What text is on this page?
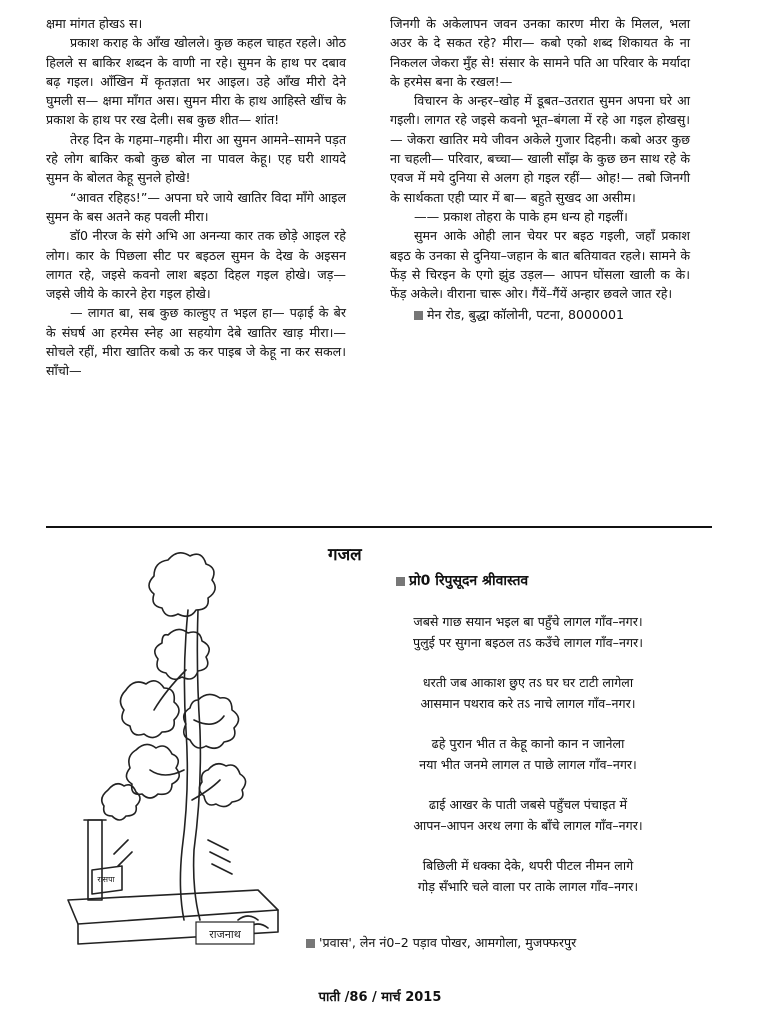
क्षमा मांगत होखऽ स।

प्रकाश कराह के आँख खोलले। कुछ कहल चाहत रहले। ओठ हिलले स बाकिर शब्दन के वाणी ना रहे। सुमन के हाथ पर दबाव बढ़ गइल। आँखिन में कृतज्ञता भर आइल। उहे आँख मीरो देने घुमली स— क्षमा माँगत अस। सुमन मीरा के हाथ आहिस्ते खींच के प्रकाश के हाथ पर रख देली। सब कुछ शीत— शांत!

तेरह दिन के गहमा–गहमी। मीरा आ सुमन आमने–सामने पड़त रहे लोग बाकिर कबो कुछ बोल ना पावल केहू। एह घरी शायदे सुमन के बोलत केहू सुनले होखे!

“आवत रहिहऽ!”— अपना घरे जाये खातिर विदा माँगे आइल सुमन के बस अतने कह पवली मीरा।

डॉ0 नीरज के संगे अभि आ अनन्या कार तक छोड़े आइल रहे लोग। कार के पिछला सीट पर बइठल सुमन के देख के अइसन लागत रहे, जइसे कवनो लाश बइठा दिहल गइल होखे। जड़— जइसे जीये के कारने हेरा गइल होखे।

— लागत बा, सब कुछ काल्हुए त भइल हा— पढ़ाई के बेर के संघर्ष आ हरमेस स्नेह आ सहयोग देबे खातिर खाड़ मीरा।— सोचले रहीं, मीरा खातिर कबो ऊ कर पाइब जे केहू ना कर सकल। साँचो—

जिनगी के अकेलापन जवन उनका कारण मीरा के मिलल, भला अउर के दे सकत रहे? मीरा— कबो एको शब्द शिकायत के ना निकलल जेकरा मुँह से! संसार के सामने पति आ परिवार के मर्यादा के हरमेस बना के रखल!—

विचारन के अन्हर–खोह में डूबत–उतरात सुमन अपना घरे आ गइली। लागत रहे जइसे कवनो भूत–बंगला में रहे आ गइल होखसु।— जेकरा खातिर मये जीवन अकेले गुजार दिहनी। कबो अउर कुछ ना चहली— परिवार, बच्चा— खाली साँझ के कुछ छन साथ रहे के एवज में मये दुनिया से अलग हो गइल रहीं— ओह!— तबो जिनगी के सार्थकता एही प्यार में बा— बहुते सुखद आ असीम।

—— प्रकाश तोहरा के पाके हम धन्य हो गइलीं।

सुमन आके ओही लान चेयर पर बइठ गइली, जहाँ प्रकाश बइठ के उनका से दुनिया–जहान के बात बतियावत रहले। सामने के फेंड़ से चिरइन के एगो झुंड उड़ल— आपन घोंसला खाली क के। फेंड़ अकेले। वीराना चारू ओर। गैंयें–गैंयें अन्हार छवले जात रहे।

मेन रोड, बुद्धा कॉलोनी, पटना, 8000001

राजनाथ
रासपा
गजल
प्रो0 रिपुसूदन श्रीवास्तव
जबसे गाछ सयान भइल बा पहुँचे लागल गाँव–नगर।
पुलुई पर सुगना बइठल तऽ कउँचे लागल गाँव–नगर।
धरती जब आकाश छुए तऽ घर घर टाटी लागेला
आसमान पथराव करे तऽ नाचे लागल गाँव–नगर।
ढहे पुरान भीत त केहू कानो कान न जानेला
नया भीत जनमे लागल त पाछे लागल गाँव–नगर।
ढाई आखर के पाती जबसे पहुँचल पंचाइत में
आपन–आपन अरथ लगा के बाँचे लागल गाँव–नगर।
बिछिली में धक्का देके, थपरी पीटल नीमन लागे
गोड़ सँभारि चले वाला पर ताके लागल गाँव–नगर।
'प्रवास', लेन नं0–2 पड़ाव पोखर, आमगोला, मुजफ्फरपुर
पाती /86 / मार्च 2015
